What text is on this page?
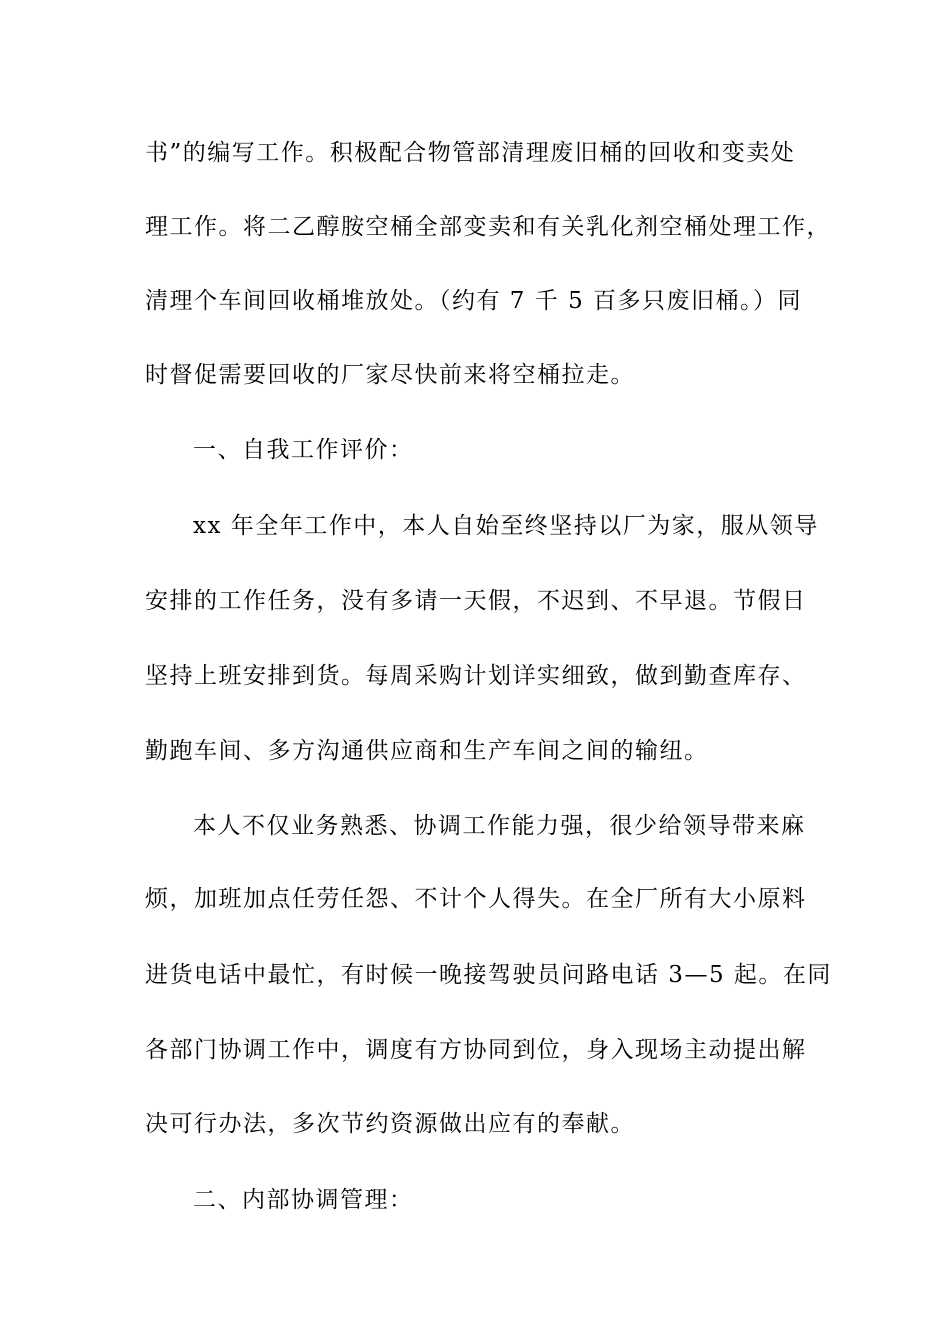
书”的编写工作。积极配合物管部清理废旧桶的回收和变卖处
理工作。将二乙醇胺空桶全部变卖和有关乳化剂空桶处理工作，
清理个车间回收桶堆放处。（约有 7 千 5 百多只废旧桶。）同
时督促需要回收的厂家尽快前来将空桶拉走。
一、自我工作评价：
xx 年全年工作中，本人自始至终坚持以厂为家，服从领导
安排的工作任务，没有多请一天假，不迟到、不早退。节假日
坚持上班安排到货。每周采购计划详实细致，做到勤查库存、
勤跑车间、多方沟通供应商和生产车间之间的输纽。
本人不仅业务熟悉、协调工作能力强，很少给领导带来麻
烦，加班加点任劳任怨、不计个人得失。在全厂所有大小原料
进货电话中最忙，有时候一晚接驾驶员问路电话 3—5 起。在同
各部门协调工作中，调度有方协同到位，身入现场主动提出解
决可行办法，多次节约资源做出应有的奉献。
二、内部协调管理：
